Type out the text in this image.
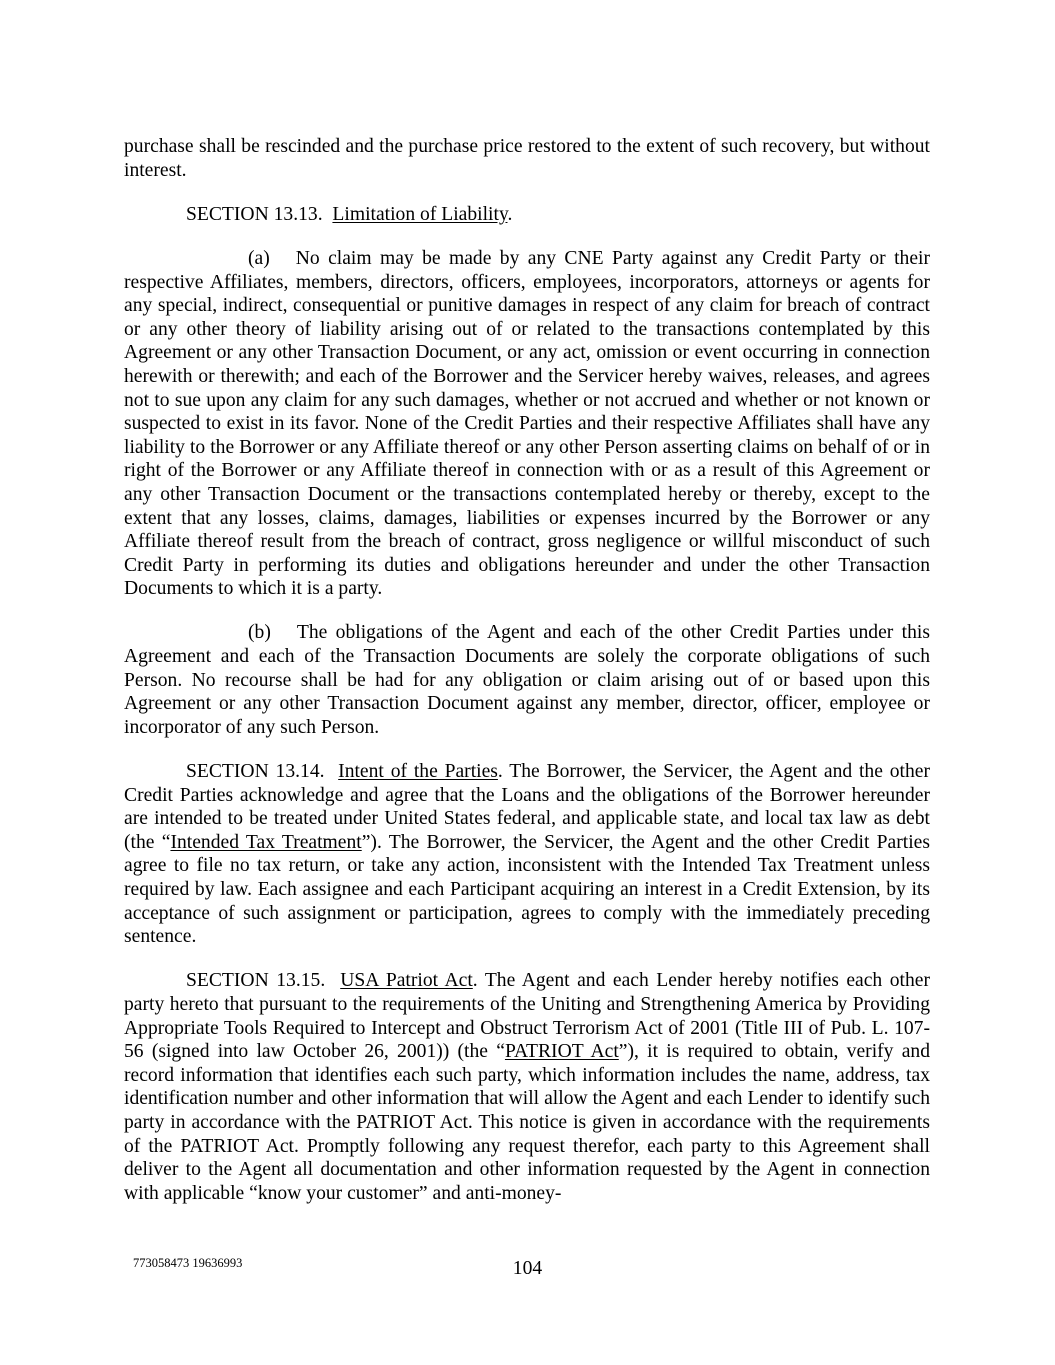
purchase shall be rescinded and the purchase price restored to the extent of such recovery, but without interest.

SECTION 13.13. Limitation of Liability.

(a) No claim may be made by any CNE Party against any Credit Party or their respective Affiliates, members, directors, officers, employees, incorporators, attorneys or agents for any special, indirect, consequential or punitive damages in respect of any claim for breach of contract or any other theory of liability arising out of or related to the transactions contemplated by this Agreement or any other Transaction Document, or any act, omission or event occurring in connection herewith or therewith; and each of the Borrower and the Servicer hereby waives, releases, and agrees not to sue upon any claim for any such damages, whether or not accrued and whether or not known or suspected to exist in its favor. None of the Credit Parties and their respective Affiliates shall have any liability to the Borrower or any Affiliate thereof or any other Person asserting claims on behalf of or in right of the Borrower or any Affiliate thereof in connection with or as a result of this Agreement or any other Transaction Document or the transactions contemplated hereby or thereby, except to the extent that any losses, claims, damages, liabilities or expenses incurred by the Borrower or any Affiliate thereof result from the breach of contract, gross negligence or willful misconduct of such Credit Party in performing its duties and obligations hereunder and under the other Transaction Documents to which it is a party.

(b) The obligations of the Agent and each of the other Credit Parties under this Agreement and each of the Transaction Documents are solely the corporate obligations of such Person. No recourse shall be had for any obligation or claim arising out of or based upon this Agreement or any other Transaction Document against any member, director, officer, employee or incorporator of any such Person.

SECTION 13.14. Intent of the Parties. The Borrower, the Servicer, the Agent and the other Credit Parties acknowledge and agree that the Loans and the obligations of the Borrower hereunder are intended to be treated under United States federal, and applicable state, and local tax law as debt (the “Intended Tax Treatment”). The Borrower, the Servicer, the Agent and the other Credit Parties agree to file no tax return, or take any action, inconsistent with the Intended Tax Treatment unless required by law. Each assignee and each Participant acquiring an interest in a Credit Extension, by its acceptance of such assignment or participation, agrees to comply with the immediately preceding sentence.

SECTION 13.15. USA Patriot Act. The Agent and each Lender hereby notifies each other party hereto that pursuant to the requirements of the Uniting and Strengthening America by Providing Appropriate Tools Required to Intercept and Obstruct Terrorism Act of 2001 (Title III of Pub. L. 107-56 (signed into law October 26, 2001)) (the “PATRIOT Act”), it is required to obtain, verify and record information that identifies each such party, which information includes the name, address, tax identification number and other information that will allow the Agent and each Lender to identify such party in accordance with the PATRIOT Act. This notice is given in accordance with the requirements of the PATRIOT Act. Promptly following any request therefor, each party to this Agreement shall deliver to the Agent all documentation and other information requested by the Agent in connection with applicable “know your customer” and anti-money-

773058473 19636993	104
